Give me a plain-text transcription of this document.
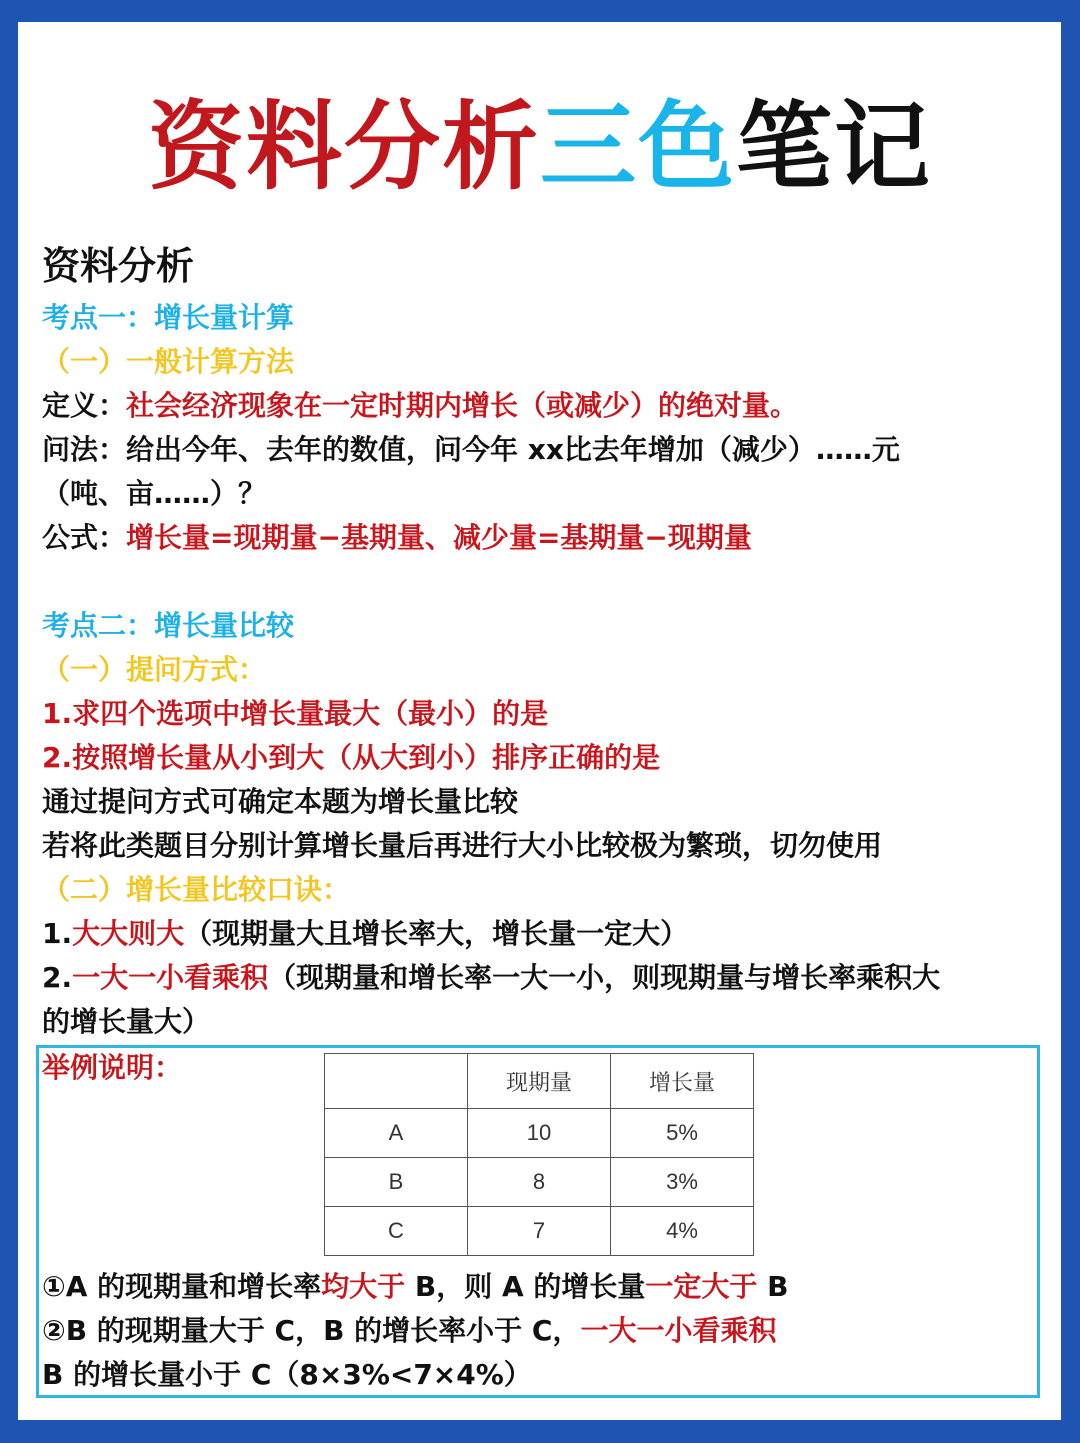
资料分析三色笔记
资料分析
考点一：增长量计算
（一）一般计算方法
定义：社会经济现象在一定时期内增长（或减少）的绝对量。
问法：给出今年、去年的数值，问今年 xx比去年增加（减少）……元
（吨、亩……）？
公式：增长量=现期量−基期量、减少量=基期量−现期量
考点二：增长量比较
（一）提问方式：
1.求四个选项中增长量最大（最小）的是
2.按照增长量从小到大（从大到小）排序正确的是
通过提问方式可确定本题为增长量比较
若将此类题目分别计算增长量后再进行大小比较极为繁琐，切勿使用
（二）增长量比较口诀：
1.大大则大（现期量大且增长率大，增长量一定大）
2.一大一小看乘积（现期量和增长率一大一小，则现期量与增长率乘积大
的增长量大）
举例说明：
		现期量	增长量
A	10	5%
B	8	3%
C	7	4%
①A 的现期量和增长率均大于 B，则 A 的增长量一定大于 B
②B 的现期量大于 C，B 的增长率小于 C，一大一小看乘积
B 的增长量小于 C（8×3%<7×4%）
